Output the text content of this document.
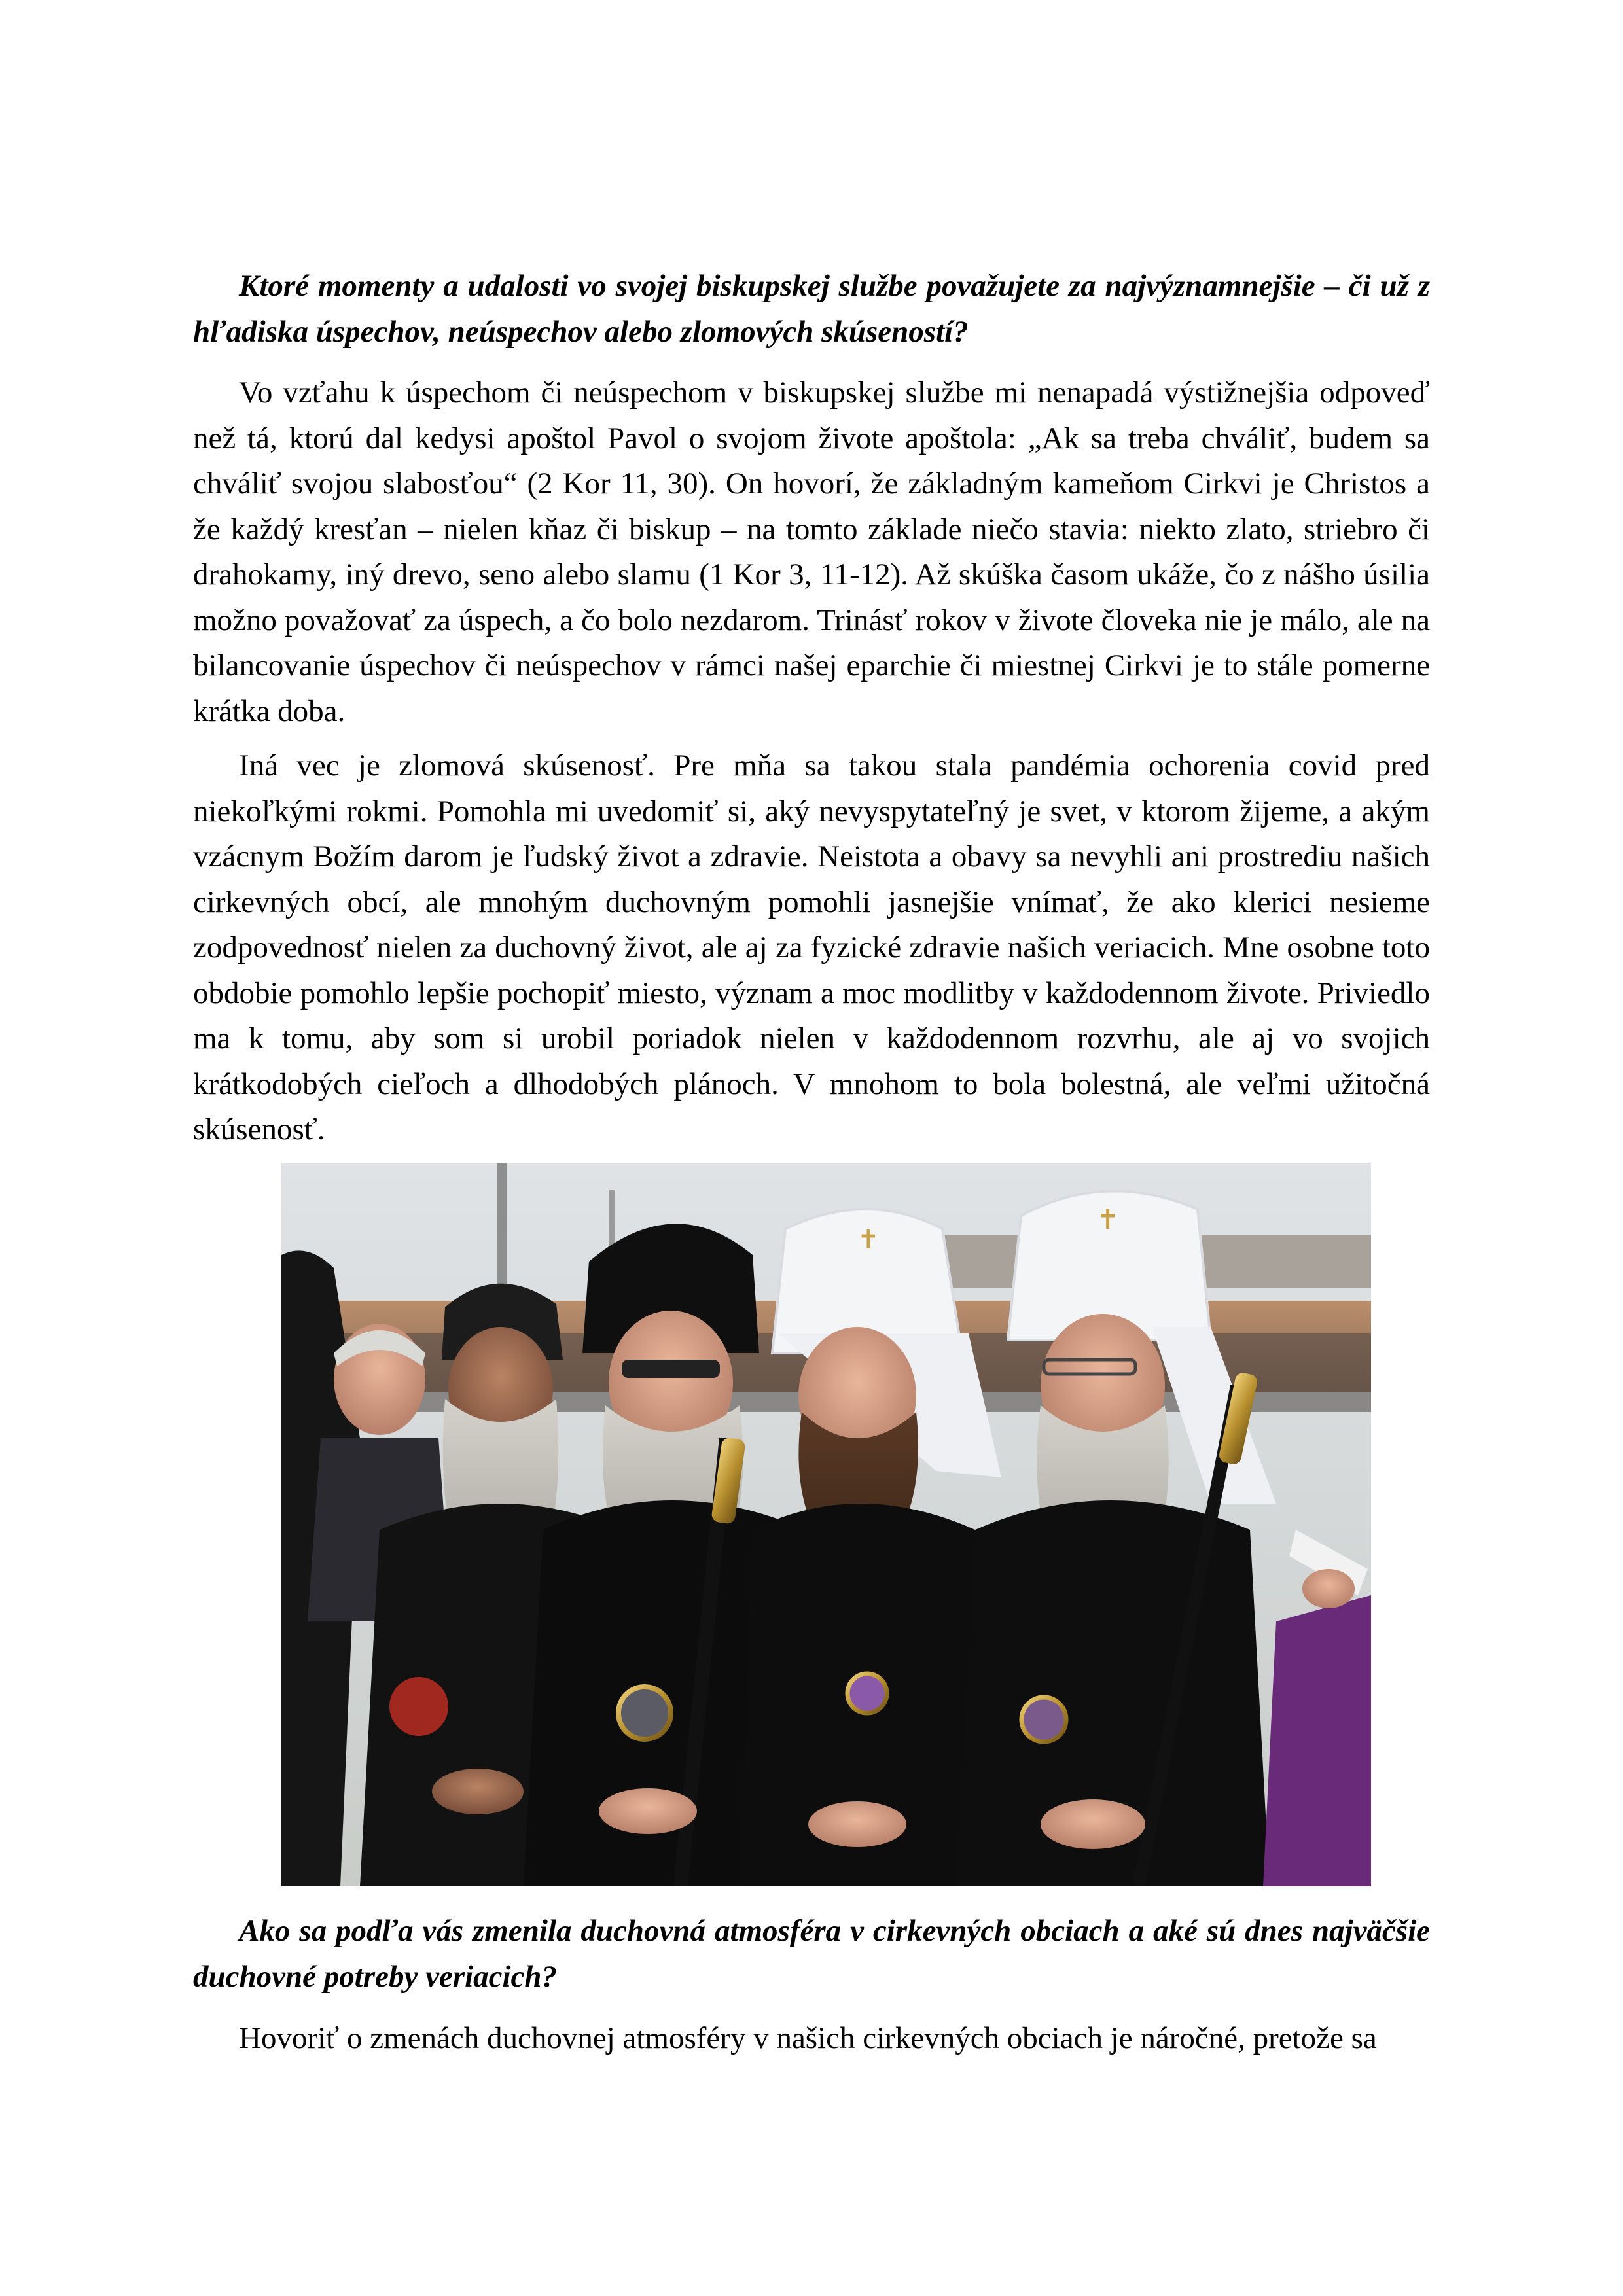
Ktoré momenty a udalosti vo svojej biskupskej službe považujete za najvýznamnejšie – či už z hľadiska úspechov, neúspechov alebo zlomových skúseností?

Vo vzťahu k úspechom či neúspechom v biskupskej službe mi nenapadá výstižnejšia odpoveď než tá, ktorú dal kedysi apoštol Pavol o svojom živote apoštola: „Ak sa treba chváliť, budem sa chváliť svojou slabosťou“ (2 Kor 11, 30). On hovorí, že základným kameňom Cirkvi je Christos a že každý kresťan – nielen kňaz či biskup – na tomto základe niečo stavia: niekto zlato, striebro či drahokamy, iný drevo, seno alebo slamu (1 Kor 3, 11-12). Až skúška časom ukáže, čo z nášho úsilia možno považovať za úspech, a čo bolo nezdarom. Trinásť rokov v živote človeka nie je málo, ale na bilancovanie úspechov či neúspechov v rámci našej eparchie či miestnej Cirkvi je to stále pomerne krátka doba.

Iná vec je zlomová skúsenosť. Pre mňa sa takou stala pandémia ochorenia covid pred niekoľkými rokmi. Pomohla mi uvedomiť si, aký nevyspytateľný je svet, v ktorom žijeme, a akým vzácnym Božím darom je ľudský život a zdravie. Neistota a obavy sa nevyhli ani prostrediu našich cirkevných obcí, ale mnohým duchovným pomohli jasnejšie vnímať, že ako klerici nesieme zodpovednosť nielen za duchovný život, ale aj za fyzické zdravie našich veriacich. Mne osobne toto obdobie pomohlo lepšie pochopiť miesto, význam a moc modlitby v každodennom živote. Priviedlo ma k tomu, aby som si urobil poriadok nielen v každodennom rozvrhu, ale aj vo svojich krátkodobých cieľoch a dlhodobých plánoch. V mnohom to bola bolestná, ale veľmi užitočná skúsenosť.

✝
✝

Ako sa podľa vás zmenila duchovná atmosféra v cirkevných obciach a aké sú dnes najväčšie duchovné potreby veriacich?

Hovoriť o zmenách duchovnej atmosféry v našich cirkevných obciach je náročné, pretože sa
